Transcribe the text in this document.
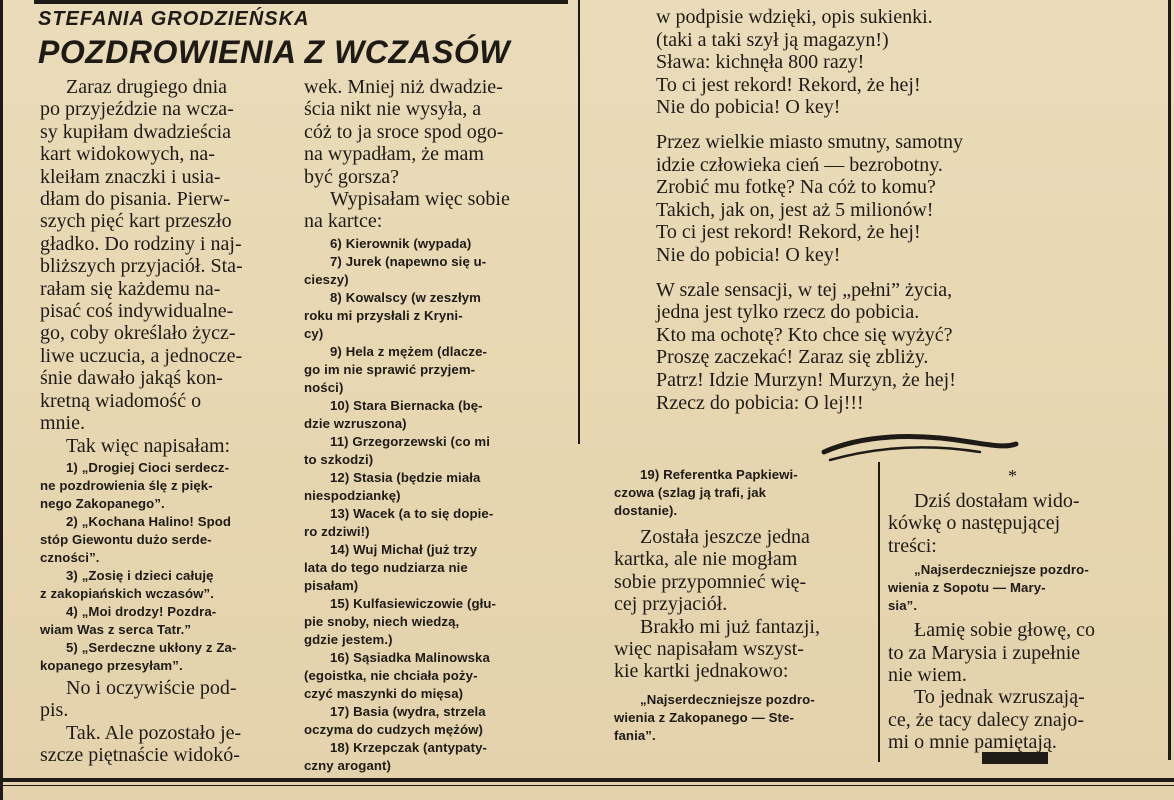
STEFANIA GRODZIEŃSKA
POZDROWIENIA Z WCZASÓW
Zaraz drugiego dnia
po przyjeździe na wcza-
sy kupiłam dwadzieścia
kart widokowych, na-
kleiłam znaczki i usia-
dłam do pisania. Pierw-
szych pięć kart przeszło
gładko. Do rodziny i naj-
bliższych przyjaciół. Sta-
rałam się każdemu na-
pisać coś indywidualne-
go, coby określało życz-
liwe uczucia, a jednocze-
śnie dawało jakąś kon-
kretną wiadomość o
mnie.
Tak więc napisałam:
1) „Drogiej Cioci serdecz-
ne pozdrowienia ślę z pięk-
nego Zakopanego”.
2) „Kochana Halino! Spod
stóp Giewontu dużo serde-
czności”.
3) „Zosię i dzieci całuję
z zakopiańskich wczasów”.
4) „Moi drodzy! Pozdra-
wiam Was z serca Tatr.”
5) „Serdeczne ukłony z Za-
kopanego przesyłam”.
No i oczywiście pod-
pis.
Tak. Ale pozostało je-
szcze piętnaście widokó-
wek. Mniej niż dwadzie-
ścia nikt nie wysyła, a
cóż to ja sroce spod ogo-
na wypadłam, że mam
być gorsza?
Wypisałam więc sobie
na kartce:
6) Kierownik (wypada)
7) Jurek (napewno się u-
cieszy)
8) Kowalscy (w zeszłym
roku mi przysłali z Kryni-
cy)
9) Hela z mężem (dlacze-
go im nie sprawić przyjem-
ności)
10) Stara Biernacka (bę-
dzie wzruszona)
11) Grzegorzewski (co mi
to szkodzi)
12) Stasia (będzie miała
niespodziankę)
13) Wacek (a to się dopie-
ro zdziwi!)
14) Wuj Michał (już trzy
lata do tego nudziarza nie
pisałam)
15) Kulfasiewiczowie (głu-
pie snoby, niech wiedzą,
gdzie jestem.)
16) Sąsiadka Malinowska
(egoistka, nie chciała poży-
czyć maszynki do mięsa)
17) Basia (wydra, strzela
oczyma do cudzych mężów)
18) Krzepczak (antypaty-
czny arogant)
w podpisie wdzięki, opis sukienki.
(taki a taki szył ją magazyn!)
Sława: kichnęła 800 razy!
To ci jest rekord! Rekord, że hej!
Nie do pobicia! O key!

Przez wielkie miasto smutny, samotny
idzie człowieka cień — bezrobotny.
Zrobić mu fotkę? Na cóż to komu?
Takich, jak on, jest aż 5 milionów!
To ci jest rekord! Rekord, że hej!
Nie do pobicia! O key!

W szale sensacji, w tej „pełni” życia,
jedna jest tylko rzecz do pobicia.
Kto ma ochotę? Kto chce się wyżyć?
Proszę zaczekać! Zaraz się zbliży.
Patrz! Idzie Murzyn! Murzyn, że hej!
Rzecz do pobicia: O lej!!!
19) Referentka Papkiewi-
czowa (szlag ją trafi, jak
dostanie).
Została jeszcze jedna
kartka, ale nie mogłam
sobie przypomnieć wię-
cej przyjaciół.
Brakło mi już fantazji,
więc napisałam wszyst-
kie kartki jednakowo:
„Najserdeczniejsze pozdro-
wienia z Zakopanego — Ste-
fania”.
*
Dziś dostałam wido-
kówkę o następującej
treści:
„Najserdeczniejsze pozdro-
wienia z Sopotu — Mary-
sia”.
Łamię sobie głowę, co
to za Marysia i zupełnie
nie wiem.
To jednak wzruszają-
ce, że tacy dalecy znajo-
mi o mnie pamiętają.
